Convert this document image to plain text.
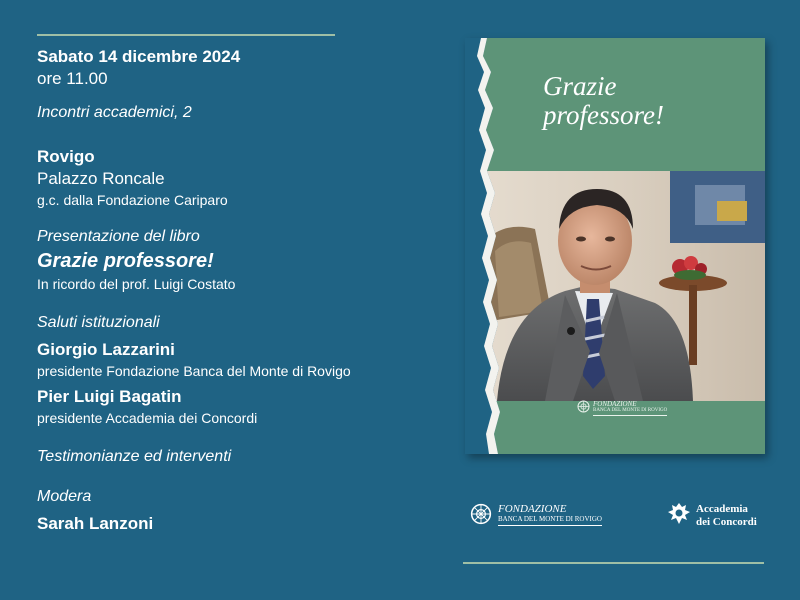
Sabato 14 dicembre 2024
ore 11.00
Incontri accademici, 2
Rovigo
Palazzo Roncale
g.c. dalla Fondazione Cariparo
Presentazione del libro
Grazie professore!
In ricordo del prof. Luigi Costato
Saluti istituzionali
Giorgio Lazzarini
presidente Fondazione Banca del Monte di Rovigo
Pier Luigi Bagatin
presidente Accademia dei Concordi
Testimonianze ed interventi
Modera
Sarah Lanzoni
Grazie
professore!
FONDAZIONE
BANCA DEL MONTE DI ROVIGO
FONDAZIONE
BANCA DEL MONTE DI ROVIGO
Accademia
dei Concordi
